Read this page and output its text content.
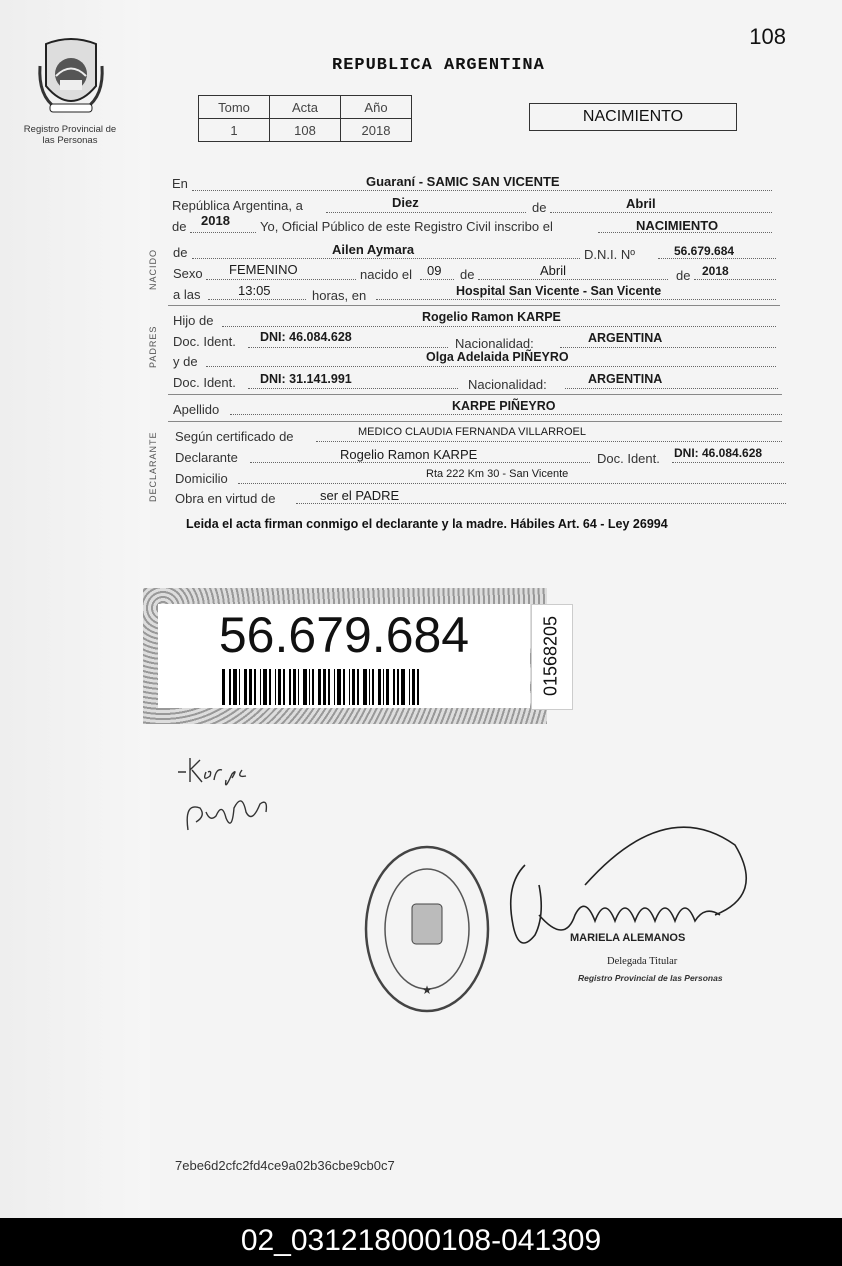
Registro Provincial de las Personas
108
REPUBLICA ARGENTINA
Tomo	Acta	Año
1	108	2018
NACIMIENTO
En	Guaraní - SAMIC SAN VICENTE
República Argentina, a	Diez	de	Abril
de 2018 Yo, Oficial Público de este Registro Civil inscribo el	NACIMIENTO
NACIDO de	Ailen Aymara	D.N.I. Nº	56.679.684
Sexo FEMENINO	nacido el 09 de	Abril	de 2018
a las	13:05	horas, en	Hospital San Vicente - San Vicente
PADRES
Hijo de	Rogelio Ramon KARPE
Doc. Ident. DNI: 46.084.628	Nacionalidad:	ARGENTINA
y de	Olga Adelaida PIÑEYRO
Doc. Ident. DNI: 31.141.991	Nacionalidad:	ARGENTINA
Apellido	KARPE PIÑEYRO
DECLARANTE Según certificado de	MEDICO CLAUDIA FERNANDA VILLARROEL
Declarante	Rogelio Ramon KARPE	Doc. Ident. DNI: 46.084.628
Domicilio	Rta 222 Km 30 - San Vicente
Obra en virtud de	ser el PADRE
Leida el acta firman conmigo el declarante y la madre. Hábiles Art. 64 - Ley 26994
56.679.684	01568205
★
MARIELA ALEMANOS
Delegada Titular
Registro Provincial de las Personas
7ebe6d2cfc2fd4ce9a02b36cbe9cb0c7
02_031218000108-041309
